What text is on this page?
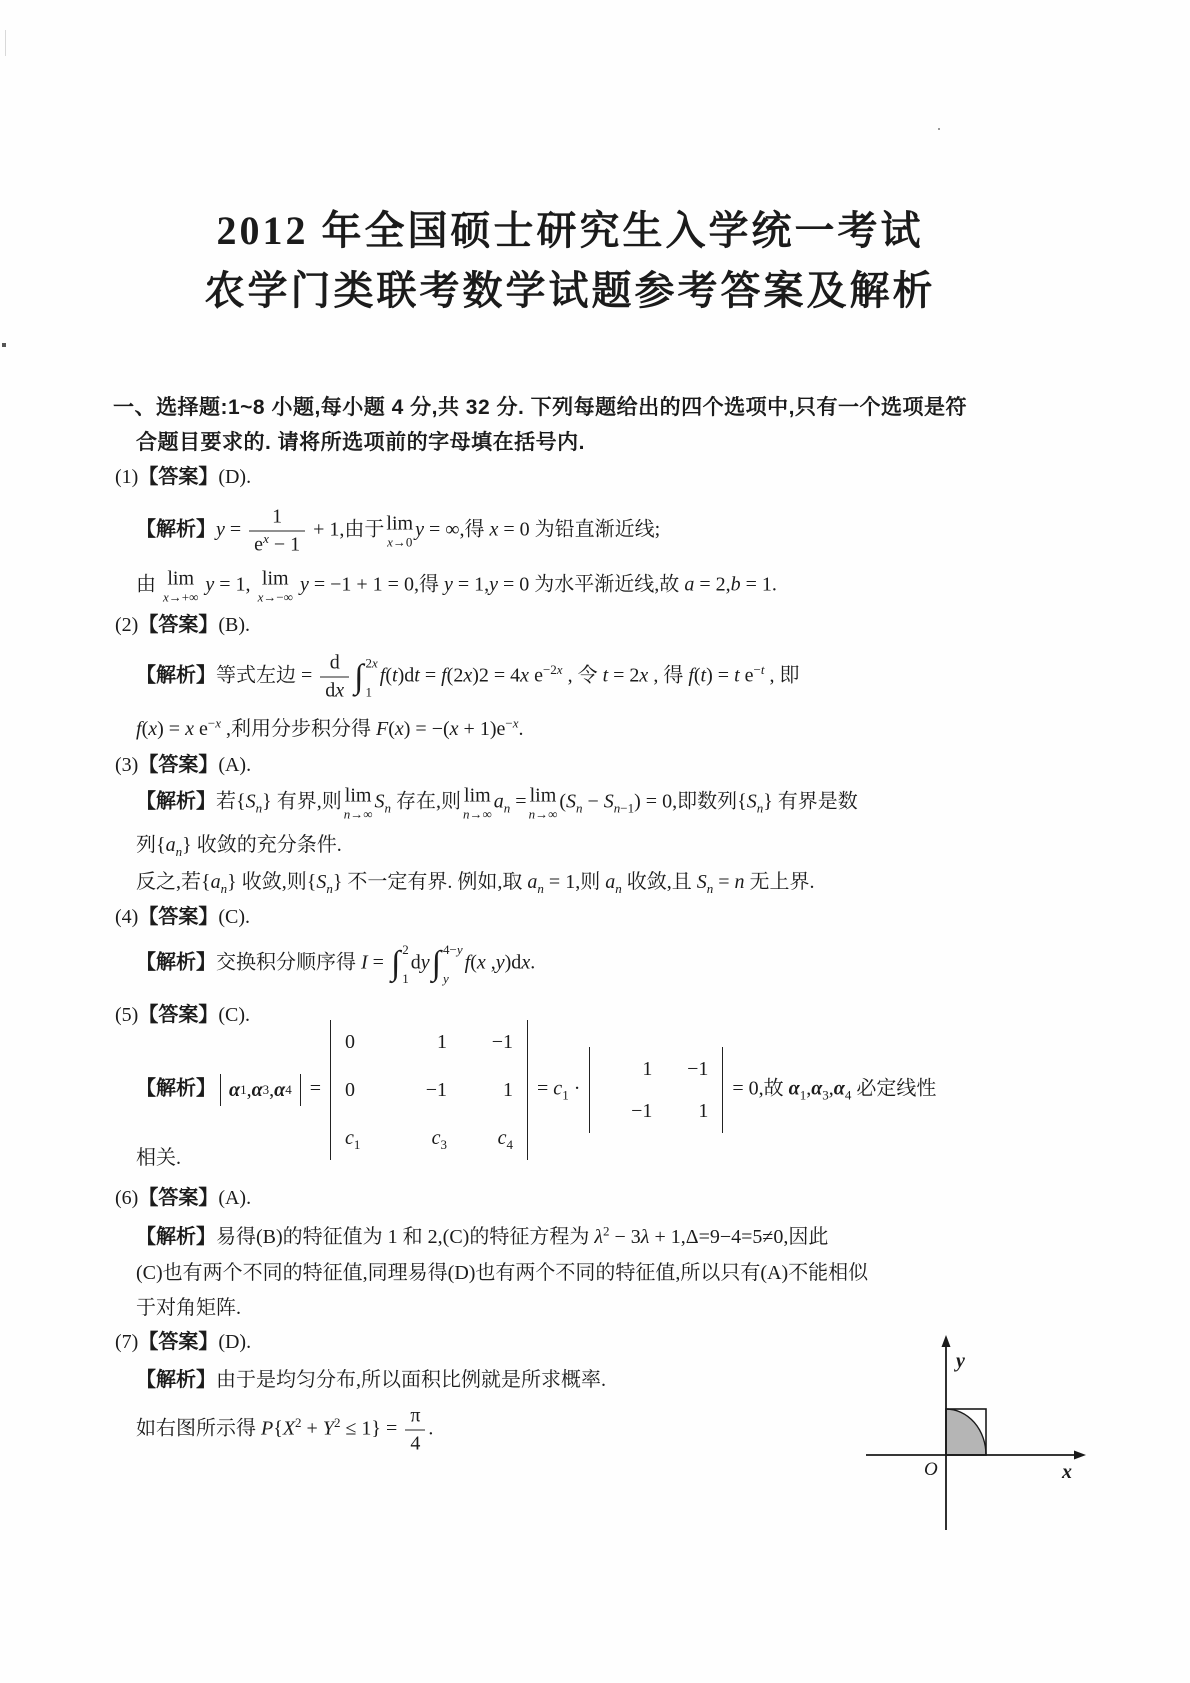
2012 年全国硕士研究生入学统一考试
农学门类联考数学试题参考答案及解析
一、选择题:1~8 小题,每小题 4 分,共 32 分. 下列每题给出的四个选项中,只有一个选项是符
合题目要求的. 请将所选项前的字母填在括号内.
(1)【答案】(D).
【解析】$y = \frac{1}{e^x - 1} + 1$,由于 lim
x→0
y = ∞,得 x = 0 为铅直渐近线;
由 lim
x→+∞
y = 1, lim
x→−∞
y = −1 + 1 = 0,得 y = 1,y = 0 为水平渐近线,故 a = 2,b = 1.
(2)【答案】(B).
【解析】等式左边 = $\frac{d}{dx}$ ∫ 2x
1
f(t)dt = f(2x)2 = 4x $e^{-2x}$ , 令 t = 2x , 得 f(t) = t $e^{-t}$ , 即
f(x) = x $e^{-x}$ ,利用分步积分得 $F(x) = -(x + 1)e^{-x}$.
(3)【答案】(A).
【解析】若$\{S_n\}$ 有界,则 lim
n→∞
$S_n$ 存在,则 lim
n→∞
$a_n = \lim$
n→∞
$(S_n - S_{n-1}) = 0$,即数列$\{S_n\}$ 有界是数
列$\{a_n\}$ 收敛的充分条件.
反之,若$\{a_n\}$ 收敛,则$\{S_n\}$ 不一定有界. 例如,取 $a_n = 1$,则 $a_n$ 收敛,且 $S_n = n$ 无上界.
(4)【答案】(C).
【解析】交换积分顺序得 I = ∫ 2
1
dy∫ 4−y
y
f(x ,y)dx.
(5)【答案】(C).
【解析】 α 1 , α 3 , α 4 =
0	1	−1
0	−1	1
$c_1$	$c_3$	$c_4$
= $c_1$ ·
1	−1
−1	1
= 0,故 $\alpha_1,\alpha_3,\alpha_4$ 必定线性
相关.
(6)【答案】(A).
【解析】易得(B)的特征值为 1 和 2,(C)的特征方程为 $\lambda^2 - 3\lambda + 1,\Delta=9-4=5\ne 0$,因此
(C)也有两个不同的特征值,同理易得(D)也有两个不同的特征值,所以只有(A)不能相似
于对角矩阵.
(7)【答案】(D).
【解析】由于是均匀分布,所以面积比例就是所求概率.
如右图所示得 $P\{X^2 + Y^2 \le 1\} = \frac{\pi}{4}$ .
y
x
O
